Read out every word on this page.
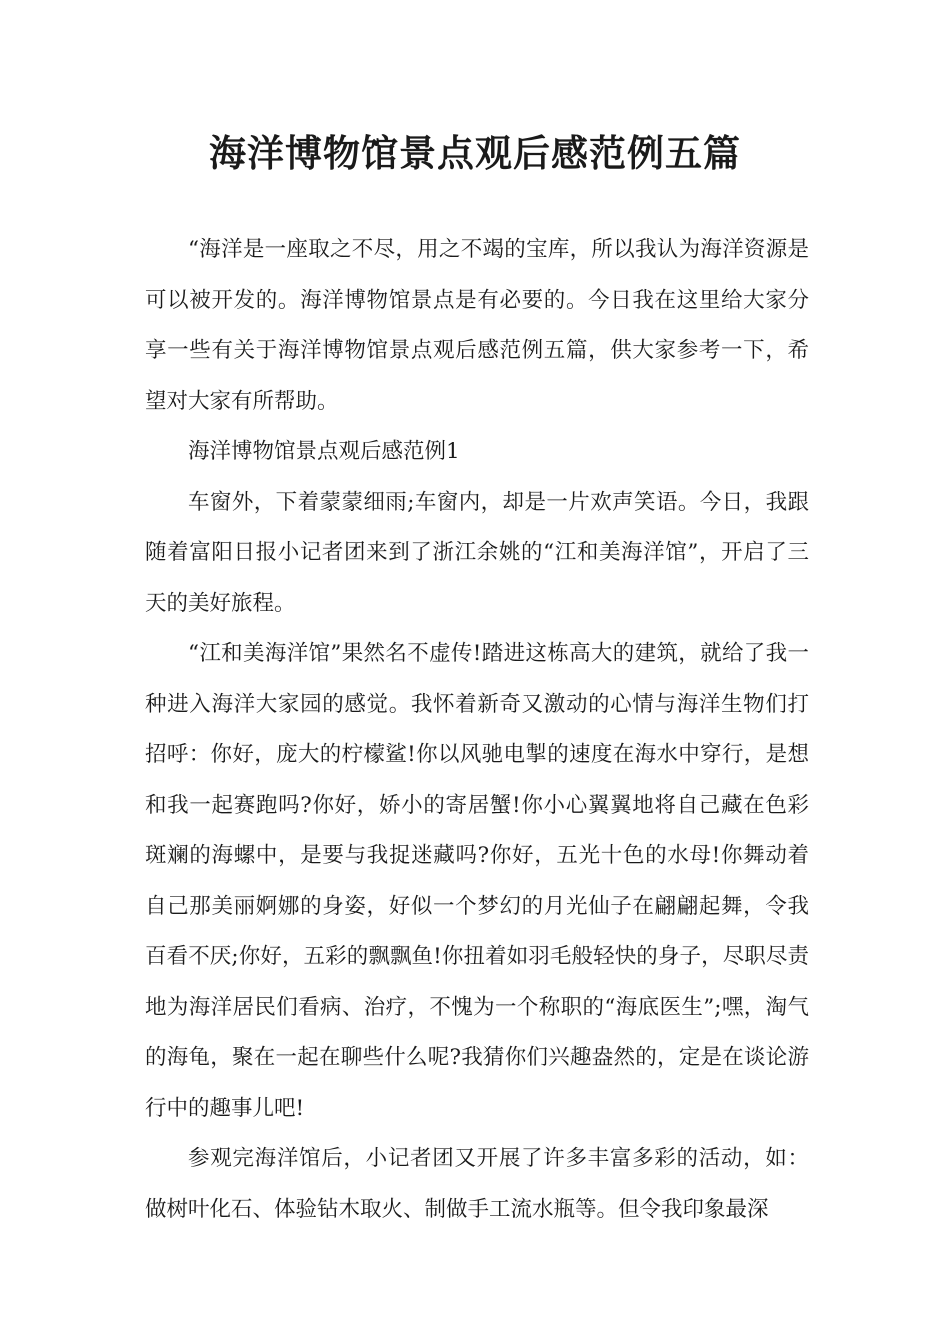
海洋博物馆景点观后感范例五篇

“海洋是一座取之不尽，用之不竭的宝库，所以我认为海洋资源是可以被开发的。海洋博物馆景点是有必要的。今日我在这里给大家分享一些有关于海洋博物馆景点观后感范例五篇，供大家参考一下，希望对大家有所帮助。

海洋博物馆景点观后感范例1

车窗外，下着蒙蒙细雨;车窗内，却是一片欢声笑语。今日，我跟随着富阳日报小记者团来到了浙江余姚的“江和美海洋馆”，开启了三天的美好旅程。

“江和美海洋馆”果然名不虚传!踏进这栋高大的建筑，就给了我一种进入海洋大家园的感觉。我怀着新奇又激动的心情与海洋生物们打招呼：你好，庞大的柠檬鲨!你以风驰电掣的速度在海水中穿行，是想和我一起赛跑吗?你好，娇小的寄居蟹!你小心翼翼地将自己藏在色彩斑斓的海螺中，是要与我捉迷藏吗?你好，五光十色的水母!你舞动着自己那美丽婀娜的身姿，好似一个梦幻的月光仙子在翩翩起舞，令我百看不厌;你好，五彩的飘飘鱼!你扭着如羽毛般轻快的身子，尽职尽责地为海洋居民们看病、治疗，不愧为一个称职的“海底医生”;嘿，淘气的海龟，聚在一起在聊些什么呢?我猜你们兴趣盎然的，定是在谈论游行中的趣事儿吧!

参观完海洋馆后，小记者团又开展了许多丰富多彩的活动，如：做树叶化石、体验钻木取火、制做手工流水瓶等。但令我印象最深
